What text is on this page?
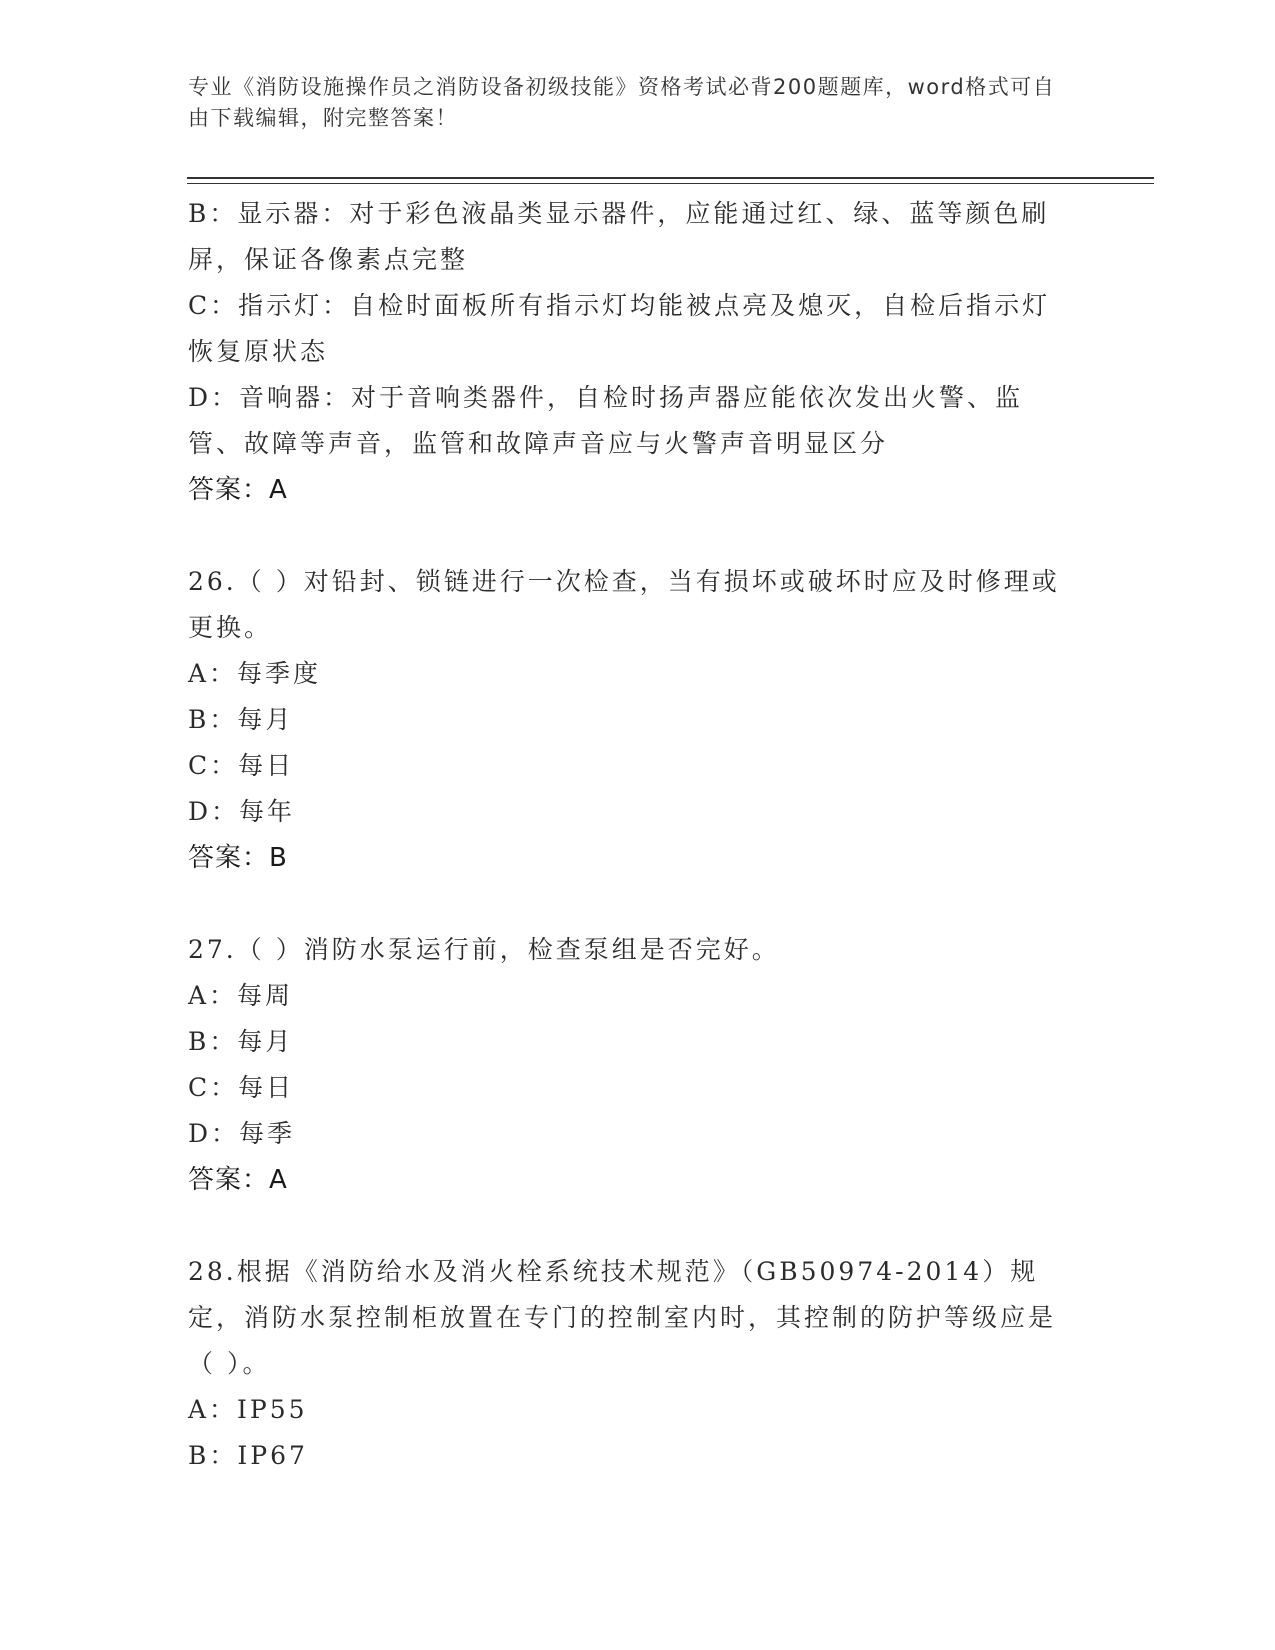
专业《消防设施操作员之消防设备初级技能》资格考试必背200题题库，word格式可自由下载编辑，附完整答案！

B：显示器：对于彩色液晶类显示器件，应能通过红、绿、蓝等颜色刷屏，保证各像素点完整

C：指示灯：自检时面板所有指示灯均能被点亮及熄灭，自检后指示灯恢复原状态

D：音响器：对于音响类器件，自检时扬声器应能依次发出火警、监管、故障等声音，监管和故障声音应与火警声音明显区分

答案：A

26.（ ）对铅封、锁链进行一次检查，当有损坏或破坏时应及时修理或更换。

A：每季度

B：每月

C：每日

D：每年

答案：B

27.（ ）消防水泵运行前，检查泵组是否完好。

A：每周

B：每月

C：每日

D：每季

答案：A

28.根据《消防给水及消火栓系统技术规范》（GB50974-2014）规定，消防水泵控制柜放置在专门的控制室内时，其控制的防护等级应是（ ）。

A：IP55

B：IP67
